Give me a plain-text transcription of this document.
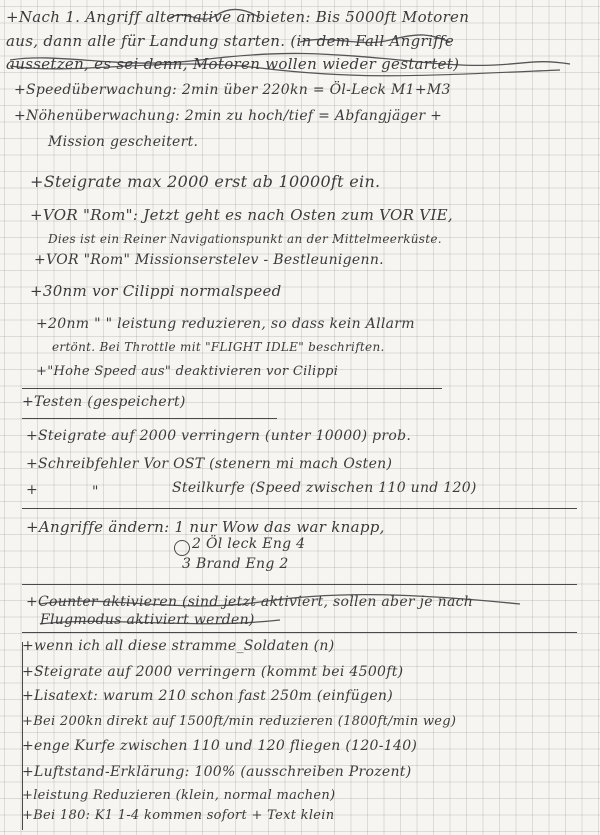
+Nach 1. Angriff alternative anbieten: Bis 5000ft Motoren
aus, dann alle für Landung starten. (in dem Fall Angriffe
aussetzen, es sei denn, Motoren wollen wieder gestartet)
+Speedüberwachung: 2min über 220kn = Öl-Leck M1+M3
+Nöhenüberwachung: 2min zu hoch/tief = Abfangjäger +
Mission gescheitert.
+Steigrate max 2000 erst ab 10000ft ein.
+VOR "Rom": Jetzt geht es nach Osten zum VOR VIE,
Dies ist ein Reiner Navigationspunkt an der Mittelmeerküste.
+VOR "Rom" Missionserstelev - Bestleunigenn.
+30nm vor Cilippi normalspeed
+20nm " " leistung reduzieren, so dass kein Allarm
ertönt. Bei Throttle mit "FLIGHT IDLE" beschriften.
+"Hohe Speed aus" deaktivieren vor Cilippi
+Testen (gespeichert)
+Steigrate auf 2000 verringern (unter 10000) prob.
+Schreibfehler Vor OST (stenern mi mach Osten)
+	"	Steilkurfe (Speed zwischen 110 und 120)
+Angriffe ändern: 1 nur Wow das war knapp,
2 Öl leck Eng 4
3 Brand Eng 2
+Counter aktivieren (sind jetzt aktiviert, sollen aber je nach
Flugmodus aktiviert werden)
+wenn ich all diese stramme_Soldaten (n)
+Steigrate auf 2000 verringern (kommt bei 4500ft)
+Lisatext: warum 210 schon fast 250m (einfügen)
+Bei 200kn direkt auf 1500ft/min reduzieren (1800ft/min weg)
+enge Kurfe zwischen 110 und 120 fliegen (120-140)
+Luftstand-Erklärung: 100% (ausschreiben Prozent)
+leistung Reduzieren (klein, normal machen)
+Bei 180: K1 1-4 kommen sofort + Text klein
